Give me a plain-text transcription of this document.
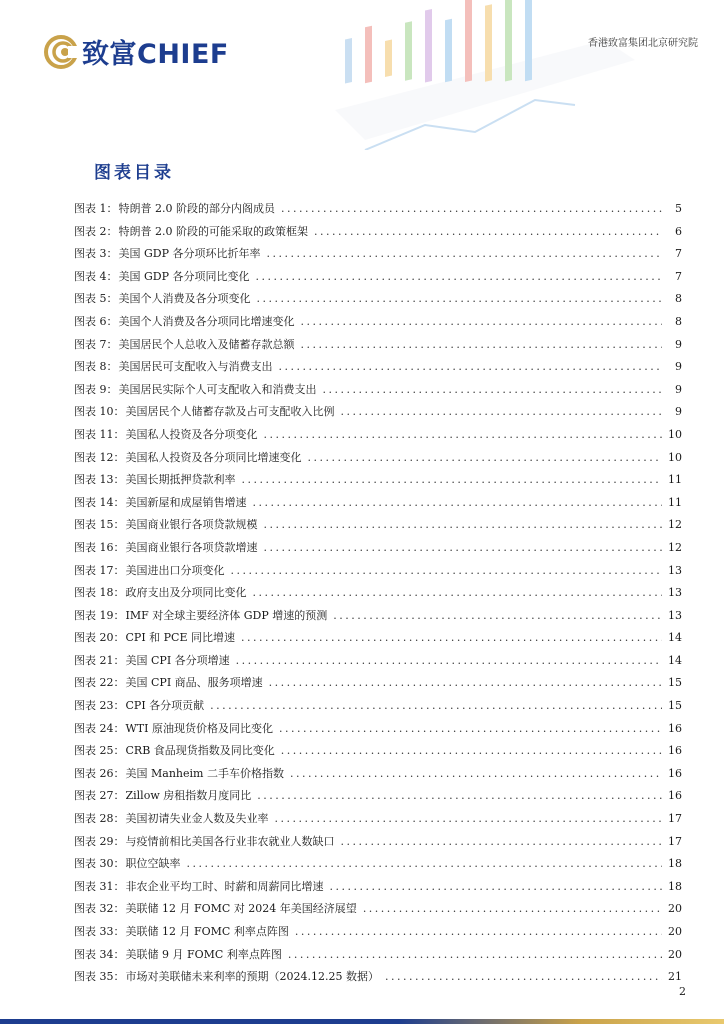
致富CHIEF	香港致富集团北京研究院
图表目录
图表 1： 特朗普 2.0 阶段的部分内阁成员 .....	5
图表 2： 特朗普 2.0 阶段的可能采取的政策框架 .....	6
图表 3： 美国 GDP 各分项环比折年率 .....	7
图表 4： 美国 GDP 各分项同比变化 .....	7
图表 5： 美国个人消费及各分项变化 .....	8
图表 6： 美国个人消费及各分项同比增速变化 .....	8
图表 7： 美国居民个人总收入及储蓄存款总额 .....	9
图表 8： 美国居民可支配收入与消费支出 .....	9
图表 9： 美国居民实际个人可支配收入和消费支出 .....	9
图表 10： 美国居民个人储蓄存款及占可支配收入比例 .....	9
图表 11： 美国私人投资及各分项变化 .....	10
图表 12： 美国私人投资及各分项同比增速变化 .....	10
图表 13： 美国长期抵押贷款利率 .....	11
图表 14： 美国新屋和成屋销售增速 .....	11
图表 15： 美国商业银行各项贷款规模 .....	12
图表 16： 美国商业银行各项贷款增速 .....	12
图表 17： 美国进出口分项变化 .....	13
图表 18： 政府支出及分项同比变化 .....	13
图表 19： IMF 对全球主要经济体 GDP 增速的预测 .....	13
图表 20： CPI 和 PCE 同比增速 .....	14
图表 21： 美国 CPI 各分项增速 .....	14
图表 22： 美国 CPI 商品、服务项增速 .....	15
图表 23： CPI 各分项贡献 .....	15
图表 24： WTI 原油现货价格及同比变化 .....	16
图表 25： CRB 食品现货指数及同比变化 .....	16
图表 26： 美国 Manheim 二手车价格指数 .....	16
图表 27： Zillow 房租指数月度同比 .....	16
图表 28： 美国初请失业金人数及失业率 .....	17
图表 29： 与疫情前相比美国各行业非农就业人数缺口 .....	17
图表 30： 职位空缺率 .....	18
图表 31： 非农企业平均工时、时薪和周薪同比增速 .....	18
图表 32： 美联储 12 月 FOMC 对 2024 年美国经济展望 .....	20
图表 33： 美联储 12 月 FOMC 利率点阵图 .....	20
图表 34： 美联储 9 月 FOMC 利率点阵图 .....	20
图表 35： 市场对美联储未来利率的预期（2024.12.25 数据） .....	21
2
